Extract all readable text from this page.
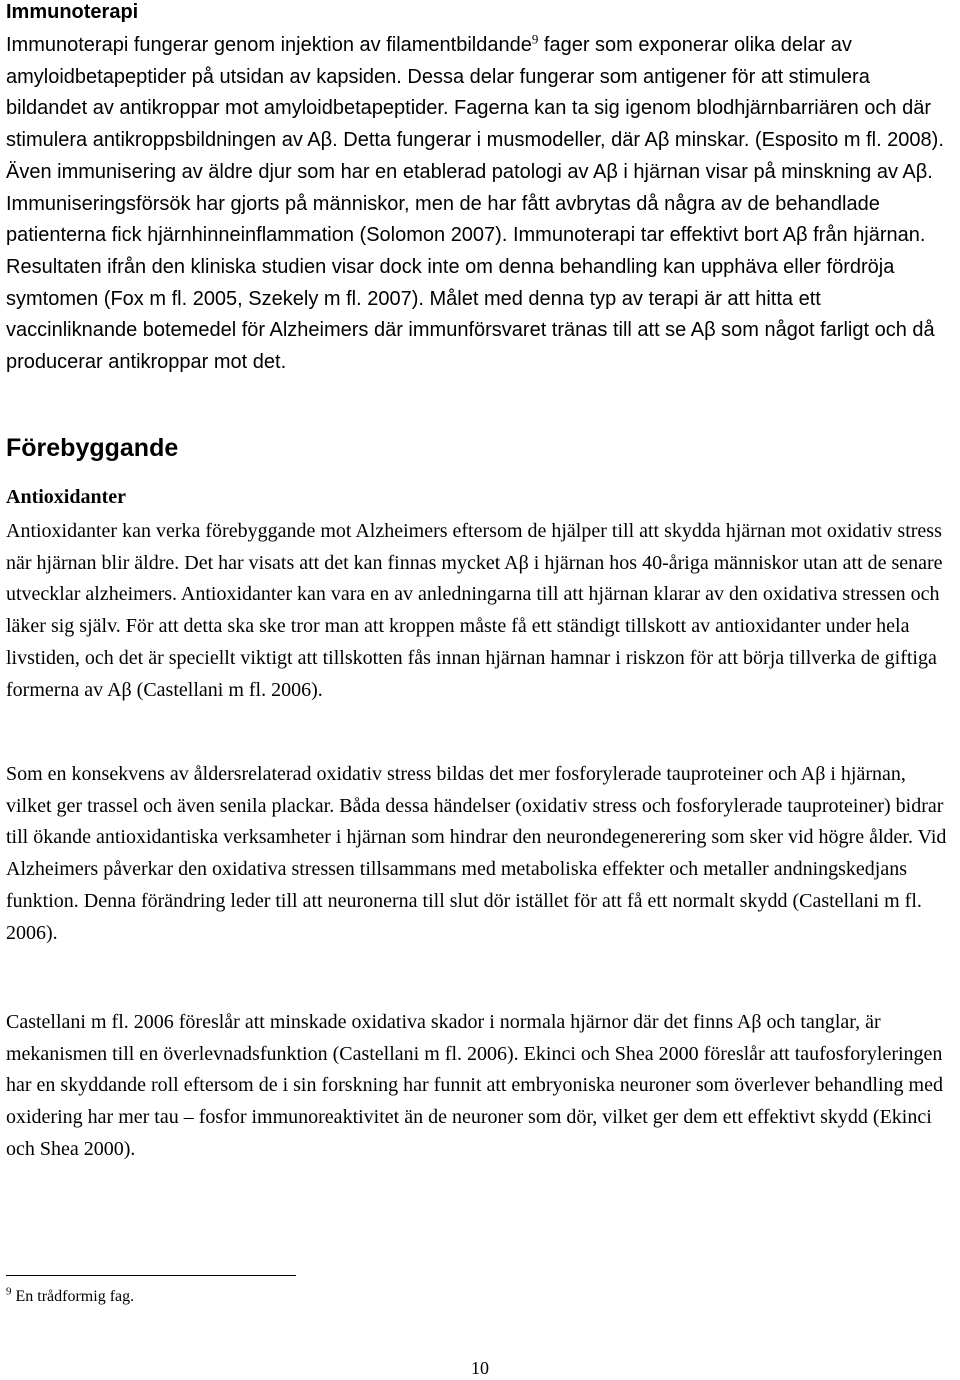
Immunoterapi

Immunoterapi fungerar genom injektion av filamentbildande$^9$ fager som exponerar olika delar av amyloidbetapeptider på utsidan av kapsiden. Dessa delar fungerar som antigener för att stimulera bildandet av antikroppar mot amyloidbetapeptider. Fagerna kan ta sig igenom blodhjärnbarriären och där stimulera antikroppsbildningen av Aβ. Detta fungerar i musmodeller, där Aβ minskar. (Esposito m fl. 2008). Även immunisering av äldre djur som har en etablerad patologi av Aβ i hjärnan visar på minskning av Aβ. Immuniseringsförsök har gjorts på människor, men de har fått avbrytas då några av de behandlade patienterna fick hjärnhinneinflammation (Solomon 2007). Immunoterapi tar effektivt bort Aβ från hjärnan. Resultaten ifrån den kliniska studien visar dock inte om denna behandling kan upphäva eller fördröja symtomen (Fox m fl. 2005, Szekely m fl. 2007). Målet med denna typ av terapi är att hitta ett vaccinliknande botemedel för Alzheimers där immunförsvaret tränas till att se Aβ som något farligt och då producerar antikroppar mot det.

Förebyggande
Antioxidanter

Antioxidanter kan verka förebyggande mot Alzheimers eftersom de hjälper till att skydda hjärnan mot oxidativ stress när hjärnan blir äldre. Det har visats att det kan finnas mycket Aβ i hjärnan hos 40-åriga människor utan att de senare utvecklar alzheimers. Antioxidanter kan vara en av anledningarna till att hjärnan klarar av den oxidativa stressen och läker sig själv. För att detta ska ske tror man att kroppen måste få ett ständigt tillskott av antioxidanter under hela livstiden, och det är speciellt viktigt att tillskotten fås innan hjärnan hamnar i riskzon för att börja tillverka de giftiga formerna av Aβ (Castellani m fl. 2006).

Som en konsekvens av åldersrelaterad oxidativ stress bildas det mer fosforylerade tauproteiner och Aβ i hjärnan, vilket ger trassel och även senila plackar. Båda dessa händelser (oxidativ stress och fosforylerade tauproteiner) bidrar till ökande antioxidantiska verksamheter i hjärnan som hindrar den neurondegenerering som sker vid högre ålder. Vid Alzheimers påverkar den oxidativa stressen tillsammans med metaboliska effekter och metaller andningskedjans funktion. Denna förändring leder till att neuronerna till slut dör istället för att få ett normalt skydd (Castellani m fl. 2006).

Castellani m fl. 2006 föreslår att minskade oxidativa skador i normala hjärnor där det finns Aβ och tanglar, är mekanismen till en överlevnadsfunktion (Castellani m fl. 2006). Ekinci och Shea 2000 föreslår att taufosforyleringen har en skyddande roll eftersom de i sin forskning har funnit att embryoniska neuroner som överlever behandling med oxidering har mer tau – fosfor immunoreaktivitet än de neuroner som dör, vilket ger dem ett effektivt skydd (Ekinci och Shea 2000).

$^9$ En trådformig fag.
10
